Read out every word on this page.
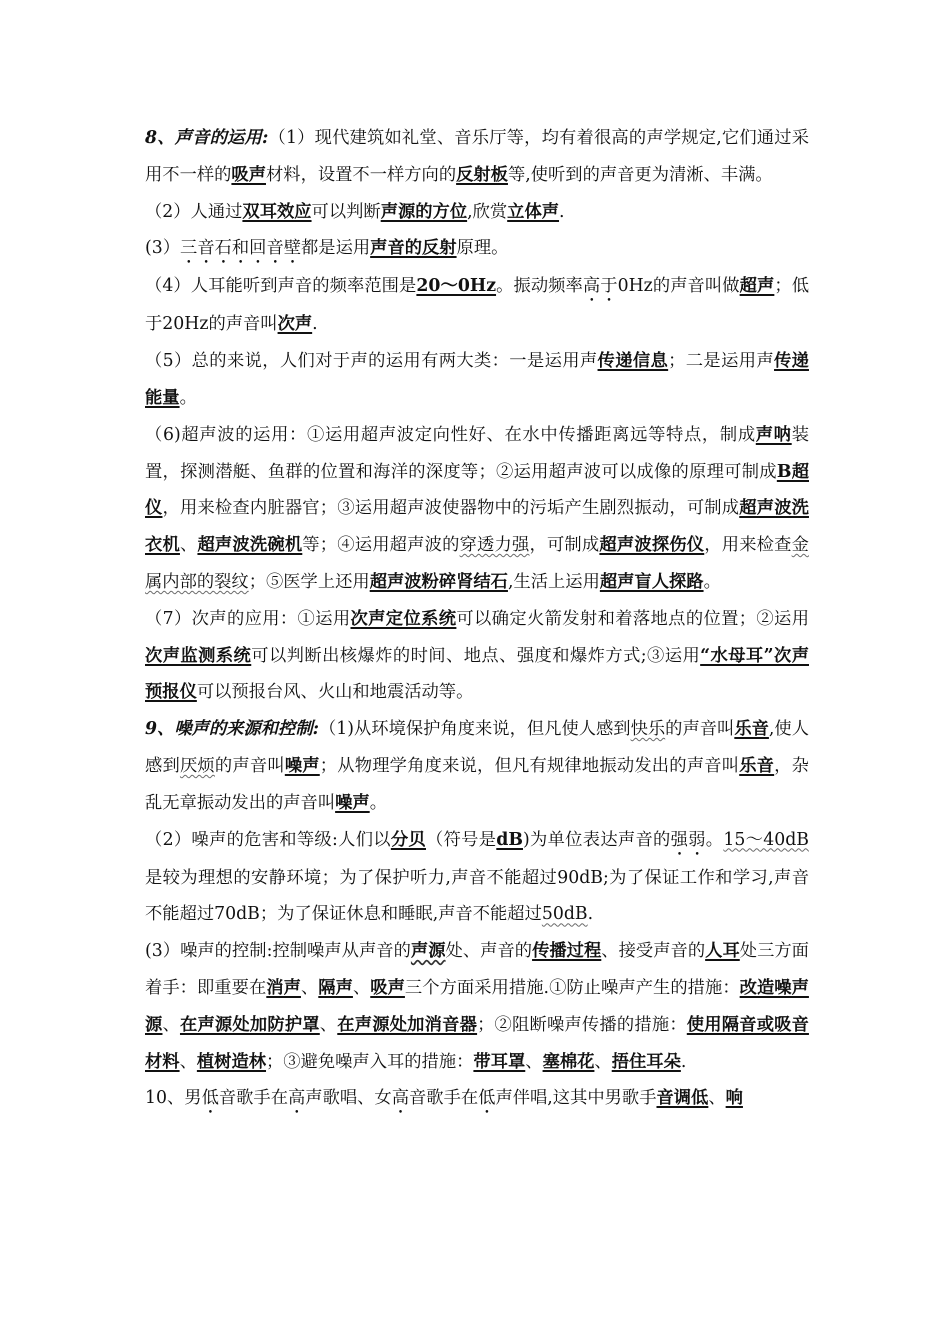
8、声音的运用:（1）现代建筑如礼堂、音乐厅等，均有着很高的声学规定,它们通过采用不一样的吸声材料，设置不一样方向的反射板等,使听到的声音更为清淅、丰满。

（2）人通过双耳效应可以判断声源的方位,欣赏立体声.

(3）三音石和回音壁都是运用声音的反射原理。

（4）人耳能听到声音的频率范围是20～0Hz。振动频率高于0Hz的声音叫做超声；低于20Hz的声音叫次声.

（5）总的来说，人们对于声的运用有两大类：一是运用声传递信息；二是运用声传递能量。

（6)超声波的运用：①运用超声波定向性好、在水中传播距离远等特点，制成声呐装置，探测潜艇、鱼群的位置和海洋的深度等；②运用超声波可以成像的原理可制成B超仪，用来检查内脏器官；③运用超声波使器物中的污垢产生剧烈振动，可制成超声波洗衣机、超声波洗碗机等；④运用超声波的穿透力强，可制成超声波探伤仪，用来检查金属内部的裂纹；⑤医学上还用超声波粉碎肾结石,生活上运用超声盲人探路。

（7）次声的应用：①运用次声定位系统可以确定火箭发射和着落地点的位置；②运用次声监测系统可以判断出核爆炸的时间、地点、强度和爆炸方式;③运用“水母耳”次声预报仪可以预报台风、火山和地震活动等。

9、噪声的来源和控制:（1)从环境保护角度来说，但凡使人感到快乐的声音叫乐音,使人感到厌烦的声音叫噪声；从物理学角度来说，但凡有规律地振动发出的声音叫乐音，杂乱无章振动发出的声音叫噪声。

（2）噪声的危害和等级:人们以分贝（符号是dB)为单位表达声音的强弱。15～40dB是较为理想的安静环境；为了保护听力,声音不能超过90dB;为了保证工作和学习,声音不能超过70dB；为了保证休息和睡眠,声音不能超过50dB.

(3）噪声的控制:控制噪声从声音的声源处、声音的传播过程、接受声音的人耳处三方面着手：即重要在消声、隔声、吸声三个方面采用措施.①防止噪声产生的措施：改造噪声源、在声源处加防护罩、在声源处加消音器；②阻断噪声传播的措施：使用隔音或吸音材料、植树造林；③避免噪声入耳的措施：带耳罩、塞棉花、捂住耳朵.

10、男低音歌手在高声歌唱、女高音歌手在低声伴唱,这其中男歌手音调低、响
